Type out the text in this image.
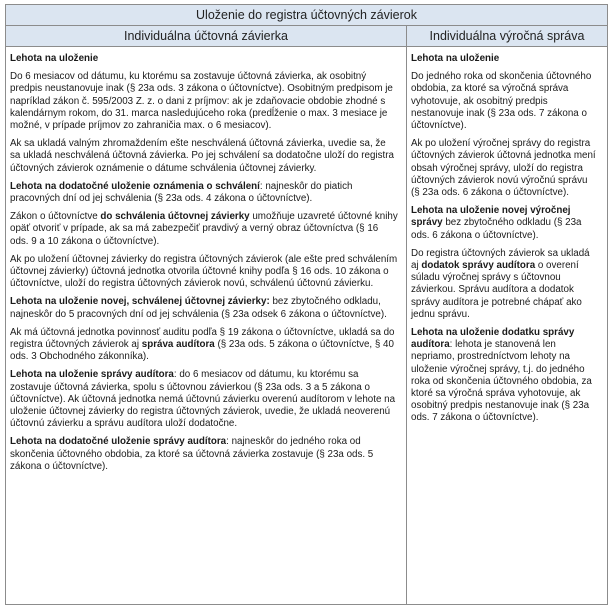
Uloženie do registra účtovných závierok
Individuálna účtovná závierka	Individuálna výročná správa
Lehota na uloženie
Do 6 mesiacov od dátumu, ku ktorému sa zostavuje účtovná závierka, ak osobitný predpis neustanovuje inak (§ 23a ods. 3 zákona o účtovníctve). Osobitným predpisom je napríklad zákon č. 595/2003 Z. z. o dani z príjmov: ak je zdaňovacie obdobie zhodné s kalendárnym rokom, do 31. marca nasledujúceho roka (predĺženie o max. 3 mesiace je možné, v prípade príjmov zo zahraničia max. o 6 mesiacov).
Ak sa ukladá valným zhromaždením ešte neschválená účtovná závierka, uvedie sa, že sa ukladá neschválená účtovná závierka. Po jej schválení sa dodatočne uloží do registra účtovných závierok oznámenie o dátume schválenia účtovnej závierky.
Lehota na dodatočné uloženie oznámenia o schválení: najneskôr do piatich pracovných dní od jej schválenia (§ 23a ods. 4 zákona o účtovníctve).
Zákon o účtovníctve do schválenia účtovnej závierky umožňuje uzavreté účtovné knihy opäť otvoriť v prípade, ak sa má zabezpečiť pravdivý a verný obraz účtovníctva (§ 16 ods. 9 a 10 zákona o účtovníctve).
Ak po uložení účtovnej závierky do registra účtovných závierok (ale ešte pred schválením účtovnej závierky) účtovná jednotka otvorila účtovné knihy podľa § 16 ods. 10 zákona o účtovníctve, uloží do registra účtovných závierok novú, schválenú účtovnú závierku.
Lehota na uloženie novej, schválenej účtovnej závierky: bez zbytočného odkladu, najneskôr do 5 pracovných dní od jej schválenia (§ 23a odsek 6 zákona o účtovníctve).
Ak má účtovná jednotka povinnosť auditu podľa § 19 zákona o účtovníctve, ukladá sa do registra účtovných závierok aj správa audítora (§ 23a ods. 5 zákona o účtovníctve, § 40 ods. 3 Obchodného zákonníka).
Lehota na uloženie správy audítora: do 6 mesiacov od dátumu, ku ktorému sa zostavuje účtovná závierka, spolu s účtovnou závierkou (§ 23a ods. 3 a 5 zákona o účtovníctve). Ak účtovná jednotka nemá účtovnú závierku overenú audítorom v lehote na uloženie účtovnej závierky do registra účtovných závierok, uvedie, že ukladá neoverenú účtovnú závierku a správu audítora uloží dodatočne.
Lehota na dodatočné uloženie správy audítora: najneskôr do jedného roka od skončenia účtovného obdobia, za ktoré sa účtovná závierka zostavuje (§ 23a ods. 5 zákona o účtovníctve).
Lehota na uloženie
Do jedného roka od skončenia účtovného obdobia, za ktoré sa výročná správa vyhotovuje, ak osobitný predpis nestanovuje inak (§ 23a ods. 7 zákona o účtovníctve).
Ak po uložení výročnej správy do registra účtovných závierok účtovná jednotka mení obsah výročnej správy, uloží do registra účtovných závierok novú výročnú správu (§ 23a ods. 6 zákona o účtovníctve).
Lehota na uloženie novej výročnej správy bez zbytočného odkladu (§ 23a ods. 6 zákona o účtovníctve).
Do registra účtovných závierok sa ukladá aj dodatok správy audítora o overení súladu výročnej správy s účtovnou závierkou. Správu audítora a dodatok správy audítora je potrebné chápať ako jednu správu.
Lehota na uloženie dodatku správy audítora: lehota je stanovená len nepriamo, prostredníctvom lehoty na uloženie výročnej správy, t.j. do jedného roka od skončenia účtovného obdobia, za ktoré sa výročná správa vyhotovuje, ak osobitný predpis nestanovuje inak (§ 23a ods. 7 zákona o účtovníctve).
